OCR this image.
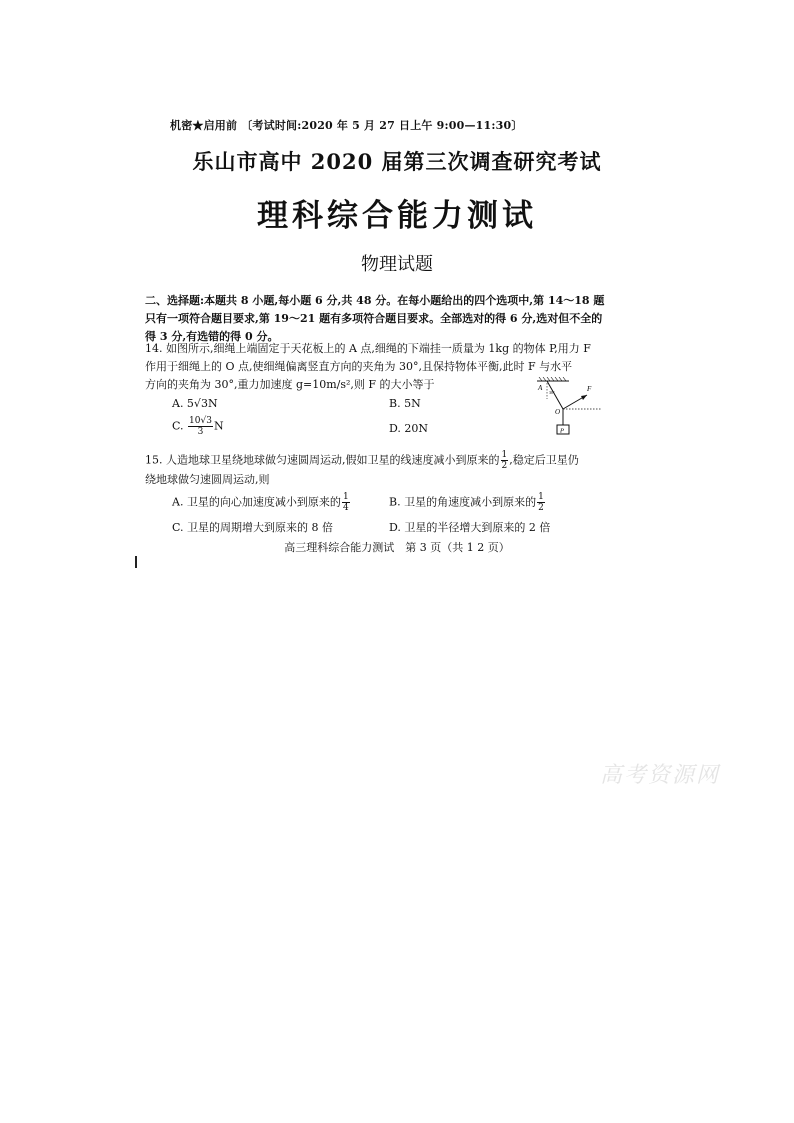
机密★启用前 〔考试时间:2020 年 5 月 27 日上午 9:00—11:30〕
乐山市高中 2020 届第三次调查研究考试
理科综合能力测试
物理试题
二、选择题:本题共 8 小题,每小题 6 分,共 48 分。在每小题给出的四个选项中,第 14～18 题只有一项符合题目要求,第 19～21 题有多项符合题目要求。全部选对的得 6 分,选对但不全的得 3 分,有选错的得 0 分。
14. 如图所示,细绳上端固定于天花板上的 A 点,细绳的下端挂一质量为 1kg 的物体 P,用力 F
作用于细绳上的 O 点,使细绳偏离竖直方向的夹角为 30°,且保持物体平衡,此时 F 与水平
方向的夹角为 30°,重力加速度 g=10m/s²,则 F 的大小等于	A
O
F
P
30°
A. 5√3N	B. 5N
C. $\frac{10√3}{3}$ N	D. 20N
15. 人造地球卫星绕地球做匀速圆周运动,假如卫星的线速度减小到原来的 $\frac{1}{2}$ ,稳定后卫星仍
绕地球做匀速圆周运动,则
A. 卫星的向心加速度减小到原来的 $\frac{1}{4}$	B. 卫星的角速度减小到原来的 $\frac{1}{2}$
C. 卫星的周期增大到原来的 8 倍	D. 卫星的半径增大到原来的 2 倍
高三理科综合能力测试　第 3 页（共 1 2 页）
高考资源网
